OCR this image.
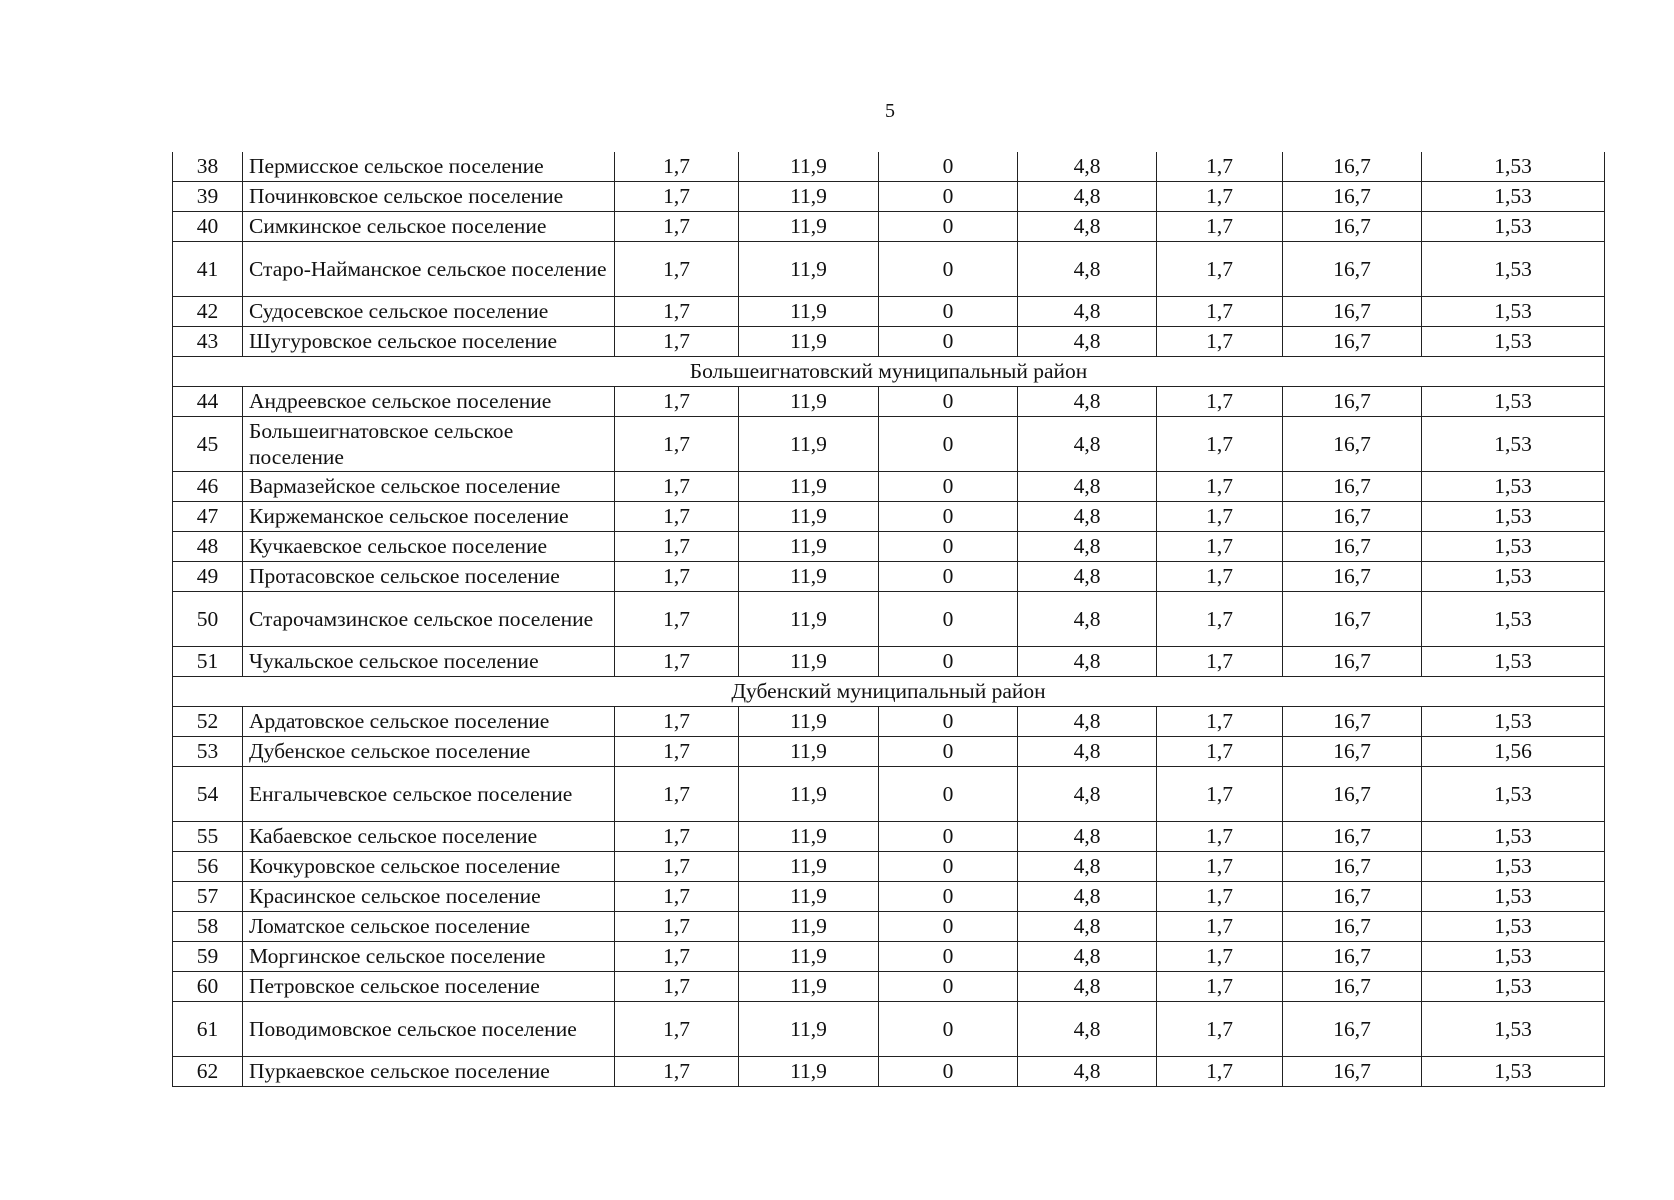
5
38	Пермисское сельское поселение	1,7	11,9	0	4,8	1,7	16,7	1,53
39	Починковское сельское поселение	1,7	11,9	0	4,8	1,7	16,7	1,53
40	Симкинское сельское поселение	1,7	11,9	0	4,8	1,7	16,7	1,53
41	Старо-Найманское сельское поселение	1,7	11,9	0	4,8	1,7	16,7	1,53
42	Судосевское сельское поселение	1,7	11,9	0	4,8	1,7	16,7	1,53
43	Шугуровское сельское поселение	1,7	11,9	0	4,8	1,7	16,7	1,53
Большеигнатовский муниципальный район								
44	Андреевское сельское поселение	1,7	11,9	0	4,8	1,7	16,7	1,53
45	Большеигнатовское сельское поселение	1,7	11,9	0	4,8	1,7	16,7	1,53
46	Вармазейское сельское поселение	1,7	11,9	0	4,8	1,7	16,7	1,53
47	Киржеманское сельское поселение	1,7	11,9	0	4,8	1,7	16,7	1,53
48	Кучкаевское сельское поселение	1,7	11,9	0	4,8	1,7	16,7	1,53
49	Протасовское сельское поселение	1,7	11,9	0	4,8	1,7	16,7	1,53
50	Старочамзинское сельское поселение	1,7	11,9	0	4,8	1,7	16,7	1,53
51	Чукальское сельское поселение	1,7	11,9	0	4,8	1,7	16,7	1,53
Дубенский муниципальный район								
52	Ардатовское сельское поселение	1,7	11,9	0	4,8	1,7	16,7	1,53
53	Дубенское сельское поселение	1,7	11,9	0	4,8	1,7	16,7	1,56
54	Енгалычевское сельское поселение	1,7	11,9	0	4,8	1,7	16,7	1,53
55	Кабаевское сельское поселение	1,7	11,9	0	4,8	1,7	16,7	1,53
56	Кочкуровское сельское поселение	1,7	11,9	0	4,8	1,7	16,7	1,53
57	Красинское сельское поселение	1,7	11,9	0	4,8	1,7	16,7	1,53
58	Ломатское сельское поселение	1,7	11,9	0	4,8	1,7	16,7	1,53
59	Моргинское сельское поселение	1,7	11,9	0	4,8	1,7	16,7	1,53
60	Петровское сельское поселение	1,7	11,9	0	4,8	1,7	16,7	1,53
61	Поводимовское сельское поселение	1,7	11,9	0	4,8	1,7	16,7	1,53
62	Пуркаевское сельское поселение	1,7	11,9	0	4,8	1,7	16,7	1,53
